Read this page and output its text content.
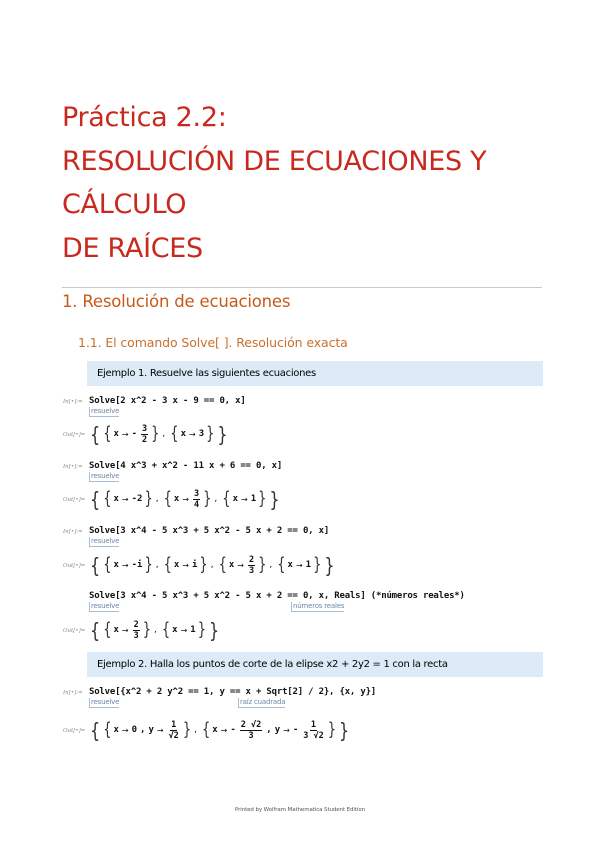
Práctica 2.2:
RESOLUCIÓN DE ECUACIONES Y
CÁLCULO
DE RAÍCES
1. Resolución de ecuaciones
1.1. El comando Solve[ ]. Resolución exacta
Ejemplo 1. Resuelve las siguientes ecuaciones
In[•]:= Solve[2 x^2 - 3 x - 9 == 0, x]
resuelve
Out[•]= { { x → - $\frac{3}{2}$ } , { x → 3 } }
In[•]:= Solve[4 x^3 + x^2 - 11 x + 6 == 0, x]
resuelve
Out[•]= { { x → -2 } , { $x \to \frac{3}{4}$ } , { x → 1 } }
In[•]:= Solve[3 x^4 - 5 x^3 + 5 x^2 - 5 x + 2 == 0, x]
resuelve
Out[•]= { { x → -i } , { x → i } , { $x \to \frac{2}{3}$ } , { x → 1 } }
Solve[3 x^4 - 5 x^3 + 5 x^2 - 5 x + 2 == 0, x, Reals] (*números reales*)
resuelve	números reales
Out[•]= { { $x \to \frac{2}{3}$ } , { x → 1 } }
Ejemplo 2. Halla los puntos de corte de la elipse x2 + 2y2 = 1 con la recta
In[•]:= Solve[{x^2 + 2 y^2 == 1, y == x + Sqrt[2] / 2}, {x, y}]
resuelve	raíz cuadrada
Out[•]= { { x → 0 , $y \to \frac{1}{√2}$ } , { x → - $\frac{2 √2}{3}$ , y → - $\frac{1}{3 √2}$ } }
Printed by Wolfram Mathematica Student Edition
